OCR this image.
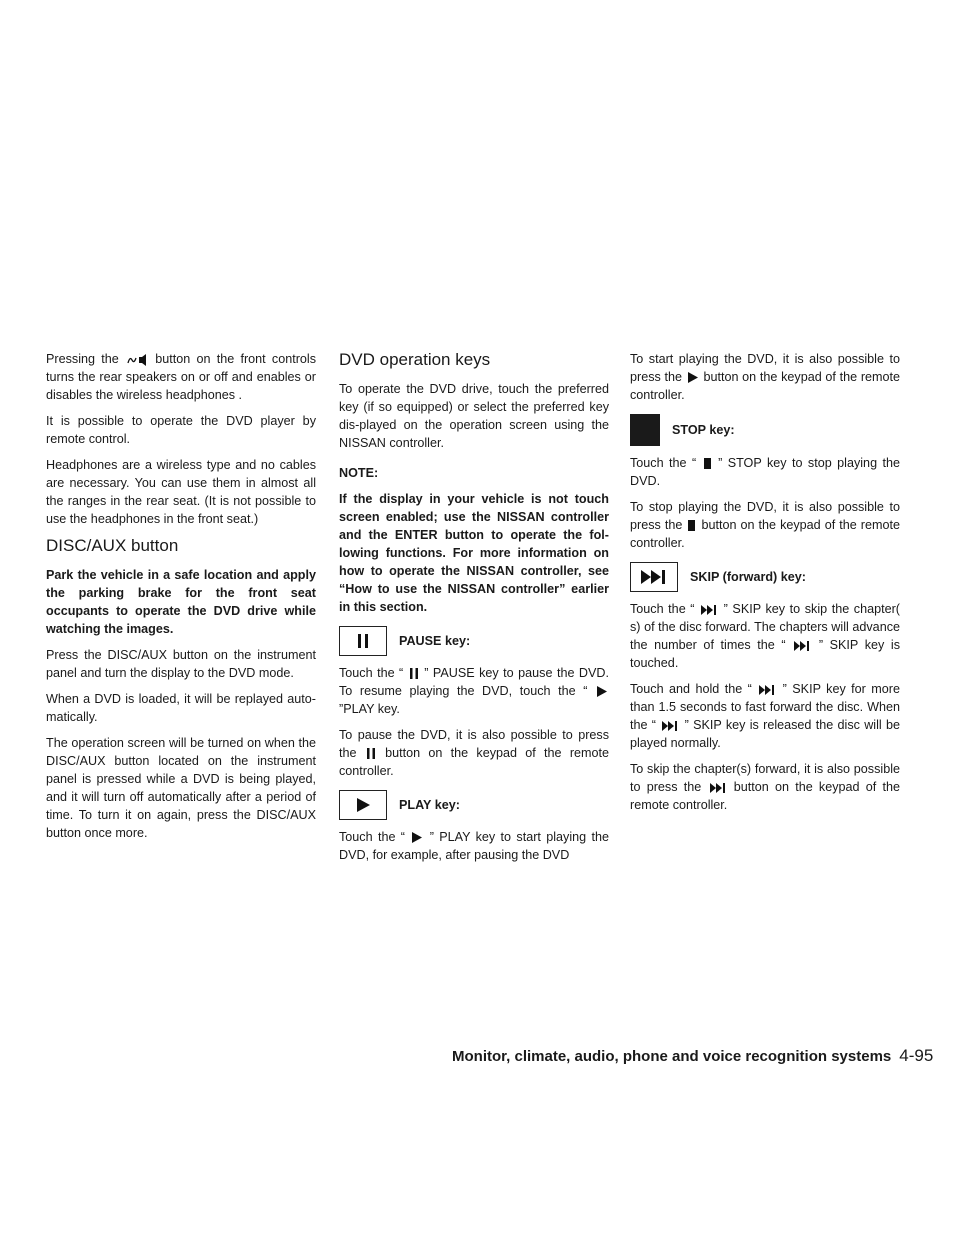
Pressing the	button on the front controls turns the rear speakers on or off and enables or disables the wireless headphones .

It is possible to operate the DVD player by remote control.

Headphones are a wireless type and no cables are necessary. You can use them in almost all the ranges in the rear seat. (It is not possible to use the headphones in the front seat.)

DISC/AUX button

Park the vehicle in a safe location and apply the parking brake for the front seat occupants to operate the DVD drive while watching the images.

Press the DISC/AUX button on the instrument panel and turn the display to the DVD mode.

When a DVD is loaded, it will be replayed auto-matically.

The operation screen will be turned on when the DISC/AUX button located on the instrument panel is pressed while a DVD is being played, and it will turn off automatically after a period of time. To turn it on again, press the DISC/AUX button once more.

DVD operation keys

To operate the DVD drive, touch the preferred key (if so equipped) or select the preferred key dis-played on the operation screen using the NISSAN controller.

NOTE:

If the display in your vehicle is not touch screen enabled; use the NISSAN controller and the ENTER button to operate the fol-lowing functions. For more information on how to operate the NISSAN controller, see “How to use the NISSAN controller” earlier in this section.

PAUSE key:

Touch the “ ” PAUSE key to pause the DVD. To resume playing the DVD, touch the “  ”PLAY key.

To pause the DVD, it is also possible to press the button on the keypad of the remote controller.

PLAY key:

Touch the “ ” PLAY key to start playing the DVD, for example, after pausing the DVD

To start playing the DVD, it is also possible to press the button on the keypad of the remote controller.

STOP key:

Touch the “ ” STOP key to stop playing the DVD.

To stop playing the DVD, it is also possible to press the button on the keypad of the remote controller.

SKIP (forward) key:

Touch the “ ” SKIP key to skip the chapter( s) of the disc forward. The chapters will advance the number of times the “	” SKIP key is touched.

Touch and hold the “ ” SKIP key for more than 1.5 seconds to fast forward the disc. When the “ ” SKIP key is released the disc will be played normally.

To skip the chapter(s) forward, it is also possible to press the	button on the keypad of the remote controller.

Monitor, climate, audio, phone and voice recognition systems 4-95
